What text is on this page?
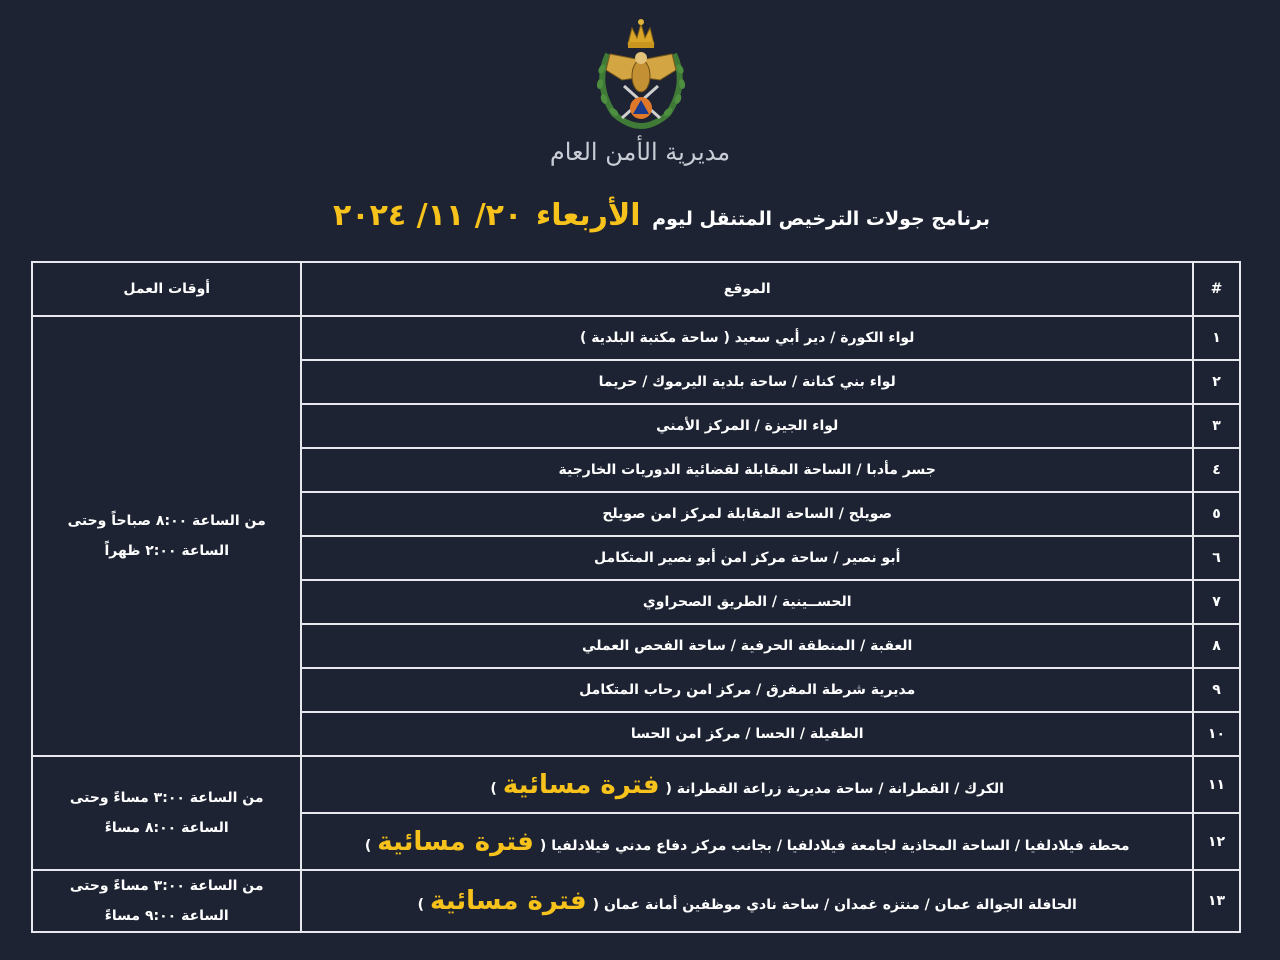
مديرية الأمن العام
برنامج جولات الترخيص المتنقل ليوم الأربعاء ٢٠/ ١١/ ٢٠٢٤
#	الموقع	أوقات العمل
١	لواء الكورة / دير أبي سعيد ( ساحة مكتبة البلدية )	من الساعة ٨:٠٠ صباحاً وحتى
الساعة ٢:٠٠ ظهراً

٢	لواء بني كنانة / ساحة بلدية اليرموك / حريما	
٣	لواء الجيزة / المركز الأمني	
٤	جسر مأدبا / الساحة المقابلة لقضائية الدوريات الخارجية	
٥	صويلح / الساحة المقابلة لمركز امن صويلح	
٦	أبو نصير / ساحة مركز امن أبو نصير المتكامل	
٧	الحســينية / الطريق الصحراوي	
٨	العقبة / المنطقة الحرفية / ساحة الفحص العملي	
٩	مديرية شرطة المفرق / مركز امن رحاب المتكامل	
١٠	الطفيلة / الحسا / مركز امن الحسا	
١١	الكرك / القطرانة / ساحة مديرية زراعة القطرانة (فترة مسائية)	من الساعة ٣:٠٠ مساءً وحتى
الساعة ٨:٠٠ مساءً

١٢	محطة فيلادلفيا / الساحة المحاذية لجامعة فيلادلفيا / بجانب مركز دفاع مدني فيلادلفيا (فترة مسائية)	
١٣	الحافلة الجوالة عمان / منتزه غمدان / ساحة نادي موظفين أمانة عمان (فترة مسائية)	من الساعة ٣:٠٠ مساءً وحتى
الساعة ٩:٠٠ مساءً
